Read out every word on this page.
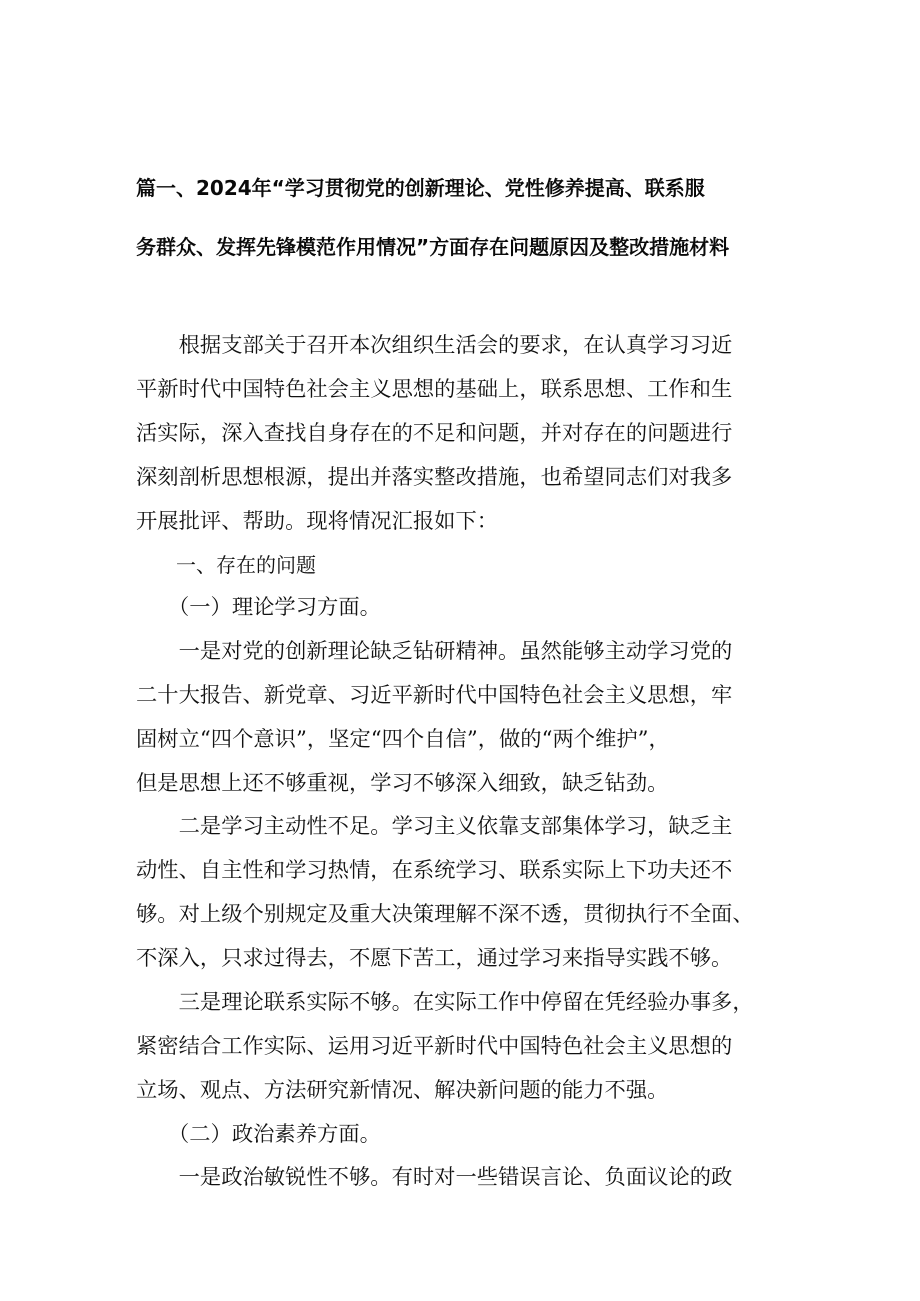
篇一、2024年“学习贯彻党的创新理论、党性修养提高、联系服
务群众、发挥先锋模范作用情况”方面存在问题原因及整改措施材料
　　根据支部关于召开本次组织生活会的要求，在认真学习习近
平新时代中国特色社会主义思想的基础上，联系思想、工作和生
活实际，深入查找自身存在的不足和问题，并对存在的问题进行
深刻剖析思想根源，提出并落实整改措施，也希望同志们对我多
开展批评、帮助。现将情况汇报如下：
　　一、存在的问题
　　（一）理论学习方面。
　　一是对党的创新理论缺乏钻研精神。虽然能够主动学习党的
二十大报告、新党章、习近平新时代中国特色社会主义思想，牢
固树立“四个意识”，坚定“四个自信”，做的“两个维护”，
但是思想上还不够重视，学习不够深入细致，缺乏钻劲。
　　二是学习主动性不足。学习主义依靠支部集体学习，缺乏主
动性、自主性和学习热情，在系统学习、联系实际上下功夫还不
够。对上级个别规定及重大决策理解不深不透，贯彻执行不全面、
不深入，只求过得去，不愿下苦工，通过学习来指导实践不够。
　　三是理论联系实际不够。在实际工作中停留在凭经验办事多，
紧密结合工作实际、运用习近平新时代中国特色社会主义思想的
立场、观点、方法研究新情况、解决新问题的能力不强。
　　（二）政治素养方面。
　　一是政治敏锐性不够。有时对一些错误言论、负面议论的政
